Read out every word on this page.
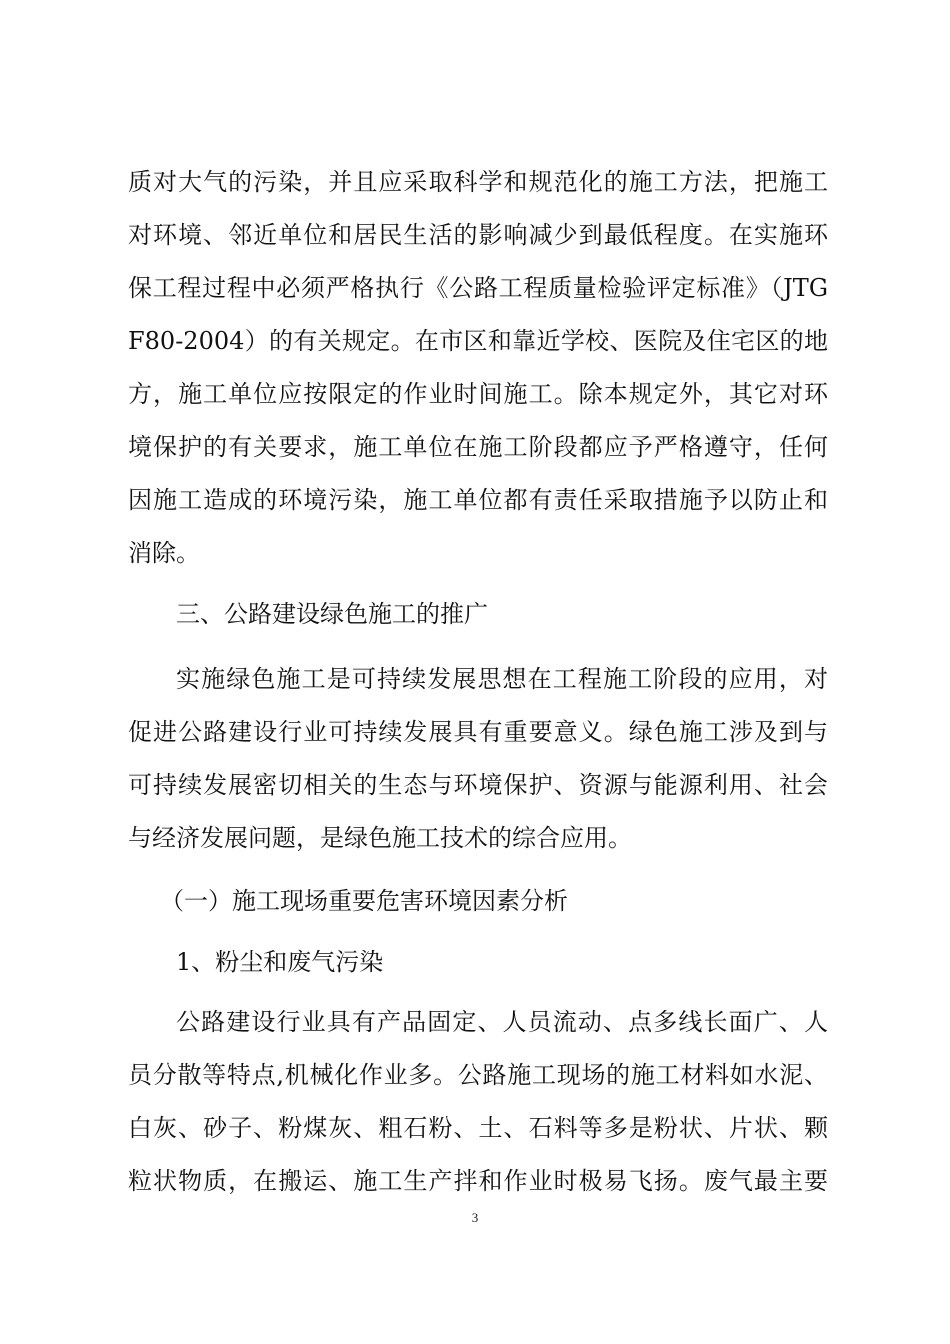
质对大气的污染，并且应采取科学和规范化的施工方法，把施工
对环境、邻近单位和居民生活的影响减少到最低程度。在实施环
保工程过程中必须严格执行《公路工程质量检验评定标准》（JTG
F80-2004）的有关规定。在市区和靠近学校、医院及住宅区的地
方，施工单位应按限定的作业时间施工。除本规定外，其它对环
境保护的有关要求，施工单位在施工阶段都应予严格遵守，任何
因施工造成的环境污染，施工单位都有责任采取措施予以防止和
消除。
三、公路建设绿色施工的推广
实施绿色施工是可持续发展思想在工程施工阶段的应用，对
促进公路建设行业可持续发展具有重要意义。绿色施工涉及到与
可持续发展密切相关的生态与环境保护、资源与能源利用、社会
与经济发展问题，是绿色施工技术的综合应用。
（一）施工现场重要危害环境因素分析
1、粉尘和废气污染
公路建设行业具有产品固定、人员流动、点多线长面广、人
员分散等特点,机械化作业多。公路施工现场的施工材料如水泥、
白灰、砂子、粉煤灰、粗石粉、土、石料等多是粉状、片状、颗
粒状物质，在搬运、施工生产拌和作业时极易飞扬。废气最主要
3
